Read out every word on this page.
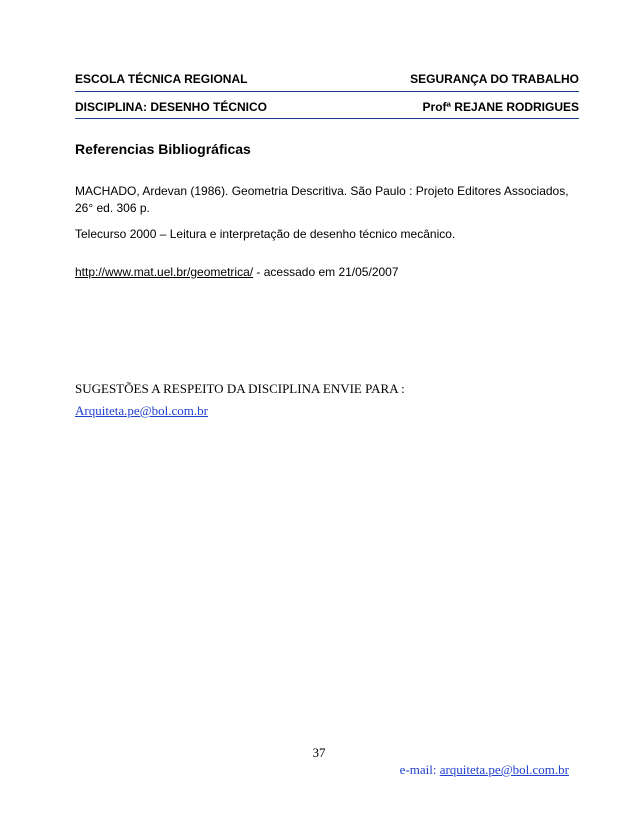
ESCOLA TÉCNICA REGIONAL	SEGURANÇA DO TRABALHO
DISCIPLINA: DESENHO TÉCNICO	Profª REJANE RODRIGUES
Referencias Bibliográficas
MACHADO, Ardevan (1986). Geometria Descritiva. São Paulo : Projeto Editores Associados, 26° ed. 306 p.
Telecurso 2000 – Leitura e interpretação de desenho técnico mecânico.
http://www.mat.uel.br/geometrica/ - acessado em 21/05/2007
SUGESTÕES A RESPEITO DA DISCIPLINA ENVIE PARA :
Arquiteta.pe@bol.com.br
37
e-mail: arquiteta.pe@bol.com.br
